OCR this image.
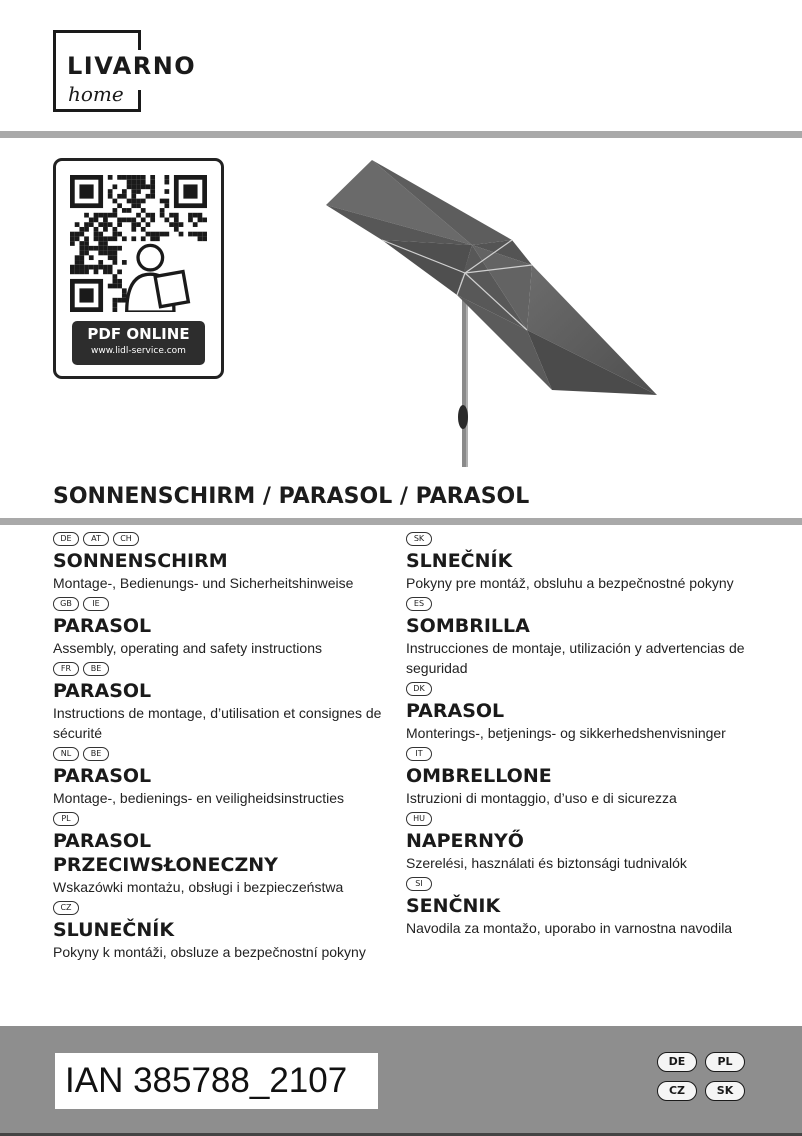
LIVARNO
home
PDF ONLINE
www.lidl-service.com
SONNENSCHIRM / PARASOL / PARASOL
DE	AT	CH
SONNENSCHIRM
Montage-, Bedienungs- und Sicherheitshinweise
GB	IE
PARASOL
Assembly, operating and safety instructions
FR	BE
PARASOL
Instructions de montage, d’utilisation et consignes de sécurité
NL	BE
PARASOL
Montage-, bedienings- en veiligheidsinstructies
PL
PARASOL
PRZECIWSŁONECZNY
Wskazówki montażu, obsługi i bezpieczeństwa
CZ
SLUNEČNÍK
Pokyny k montáži, obsluze a bezpečnostní pokyny
SK
SLNEČNÍK
Pokyny pre montáž, obsluhu a bezpečnostné pokyny
ES
SOMBRILLA
Instrucciones de montaje, utilización y advertencias de seguridad
DK
PARASOL
Monterings-, betjenings- og sikkerhedshenvisninger
IT
OMBRELLONE
Istruzioni di montaggio, d’uso e di sicurezza
HU
NAPERNYŐ
Szerelési, használati és biztonsági tudnivalók
SI
SENČNIK
Navodila za montažo, uporabo in varnostna navodila
IAN 385788_2107	DE	PL
CZ	SK
